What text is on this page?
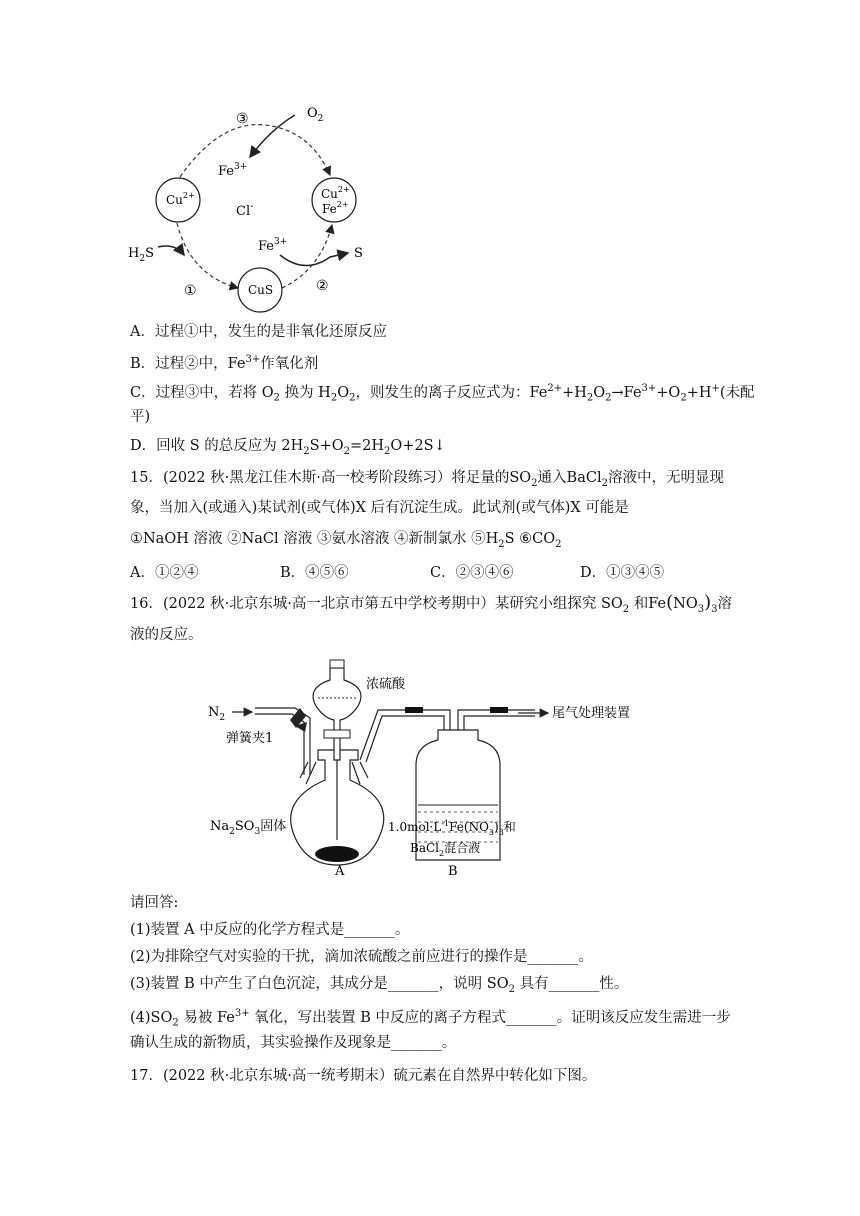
③	$O_2$
$Fe^{3+}$
$Cu^{2+}$
Cl-
$Cu^{2+}$
$Fe^{2+}$
$H_2S$	$Fe^{3+}$
S
CuS
①	②
A．过程①中，发生的是非氧化还原反应
B．过程②中，$Fe^{3+}$作氧化剂
C．过程③中，若将 $O_2$ 换为 $H_2O_2$，则发生的离子反应式为：$Fe^{2+}+H_2O_2\to Fe^{3+}+O_2+H^+$(未配
平)
D．回收 S 的总反应为 $2H_2S+O_2=2H_2O+2S↓$
15．(2022 秋·黑龙江佳木斯·高一校考阶段练习）将足量的$SO_2$通入BaCl$_2$溶液中，无明显现
象，当加入(或通入)某试剂(或气体)X 后有沉淀生成。此试剂(或气体)X 可能是
①NaOH 溶液 ②NaCl 溶液 ③氨水溶液 ④新制氯水 $⑤H_2S$ $⑥CO_2$
A．①②④	B．④⑤⑥	C．②③④⑥	D．①③④⑤
16．(2022 秋·北京东城·高一北京市第五中学校考期中）某研究小组探究 $SO_2$ 和$Fe(NO_3)_3$溶
液的反应。
$N_2$
弹簧夹1
浓硫酸
尾气处理装置
$Na_2SO_3$固体	$1.0mol\cdot L^{-1}Fe(NO_3)_3$和
BaCl$_2$混合液
A	B
请回答:
(1)装置 A 中反应的化学方程式是_______。
(2)为排除空气对实验的干扰，滴加浓硫酸之前应进行的操作是_______。
(3)装置 B 中产生了白色沉淀，其成分是_______，说明 $SO_2$ 具有_______性。
$(4)SO_2$ 易被 $Fe^{3+}$ 氧化，写出装置 B 中反应的离子方程式_______。证明该反应发生需进一步
确认生成的新物质，其实验操作及现象是_______。
17．(2022 秋·北京东城·高一统考期末）硫元素在自然界中转化如下图。
